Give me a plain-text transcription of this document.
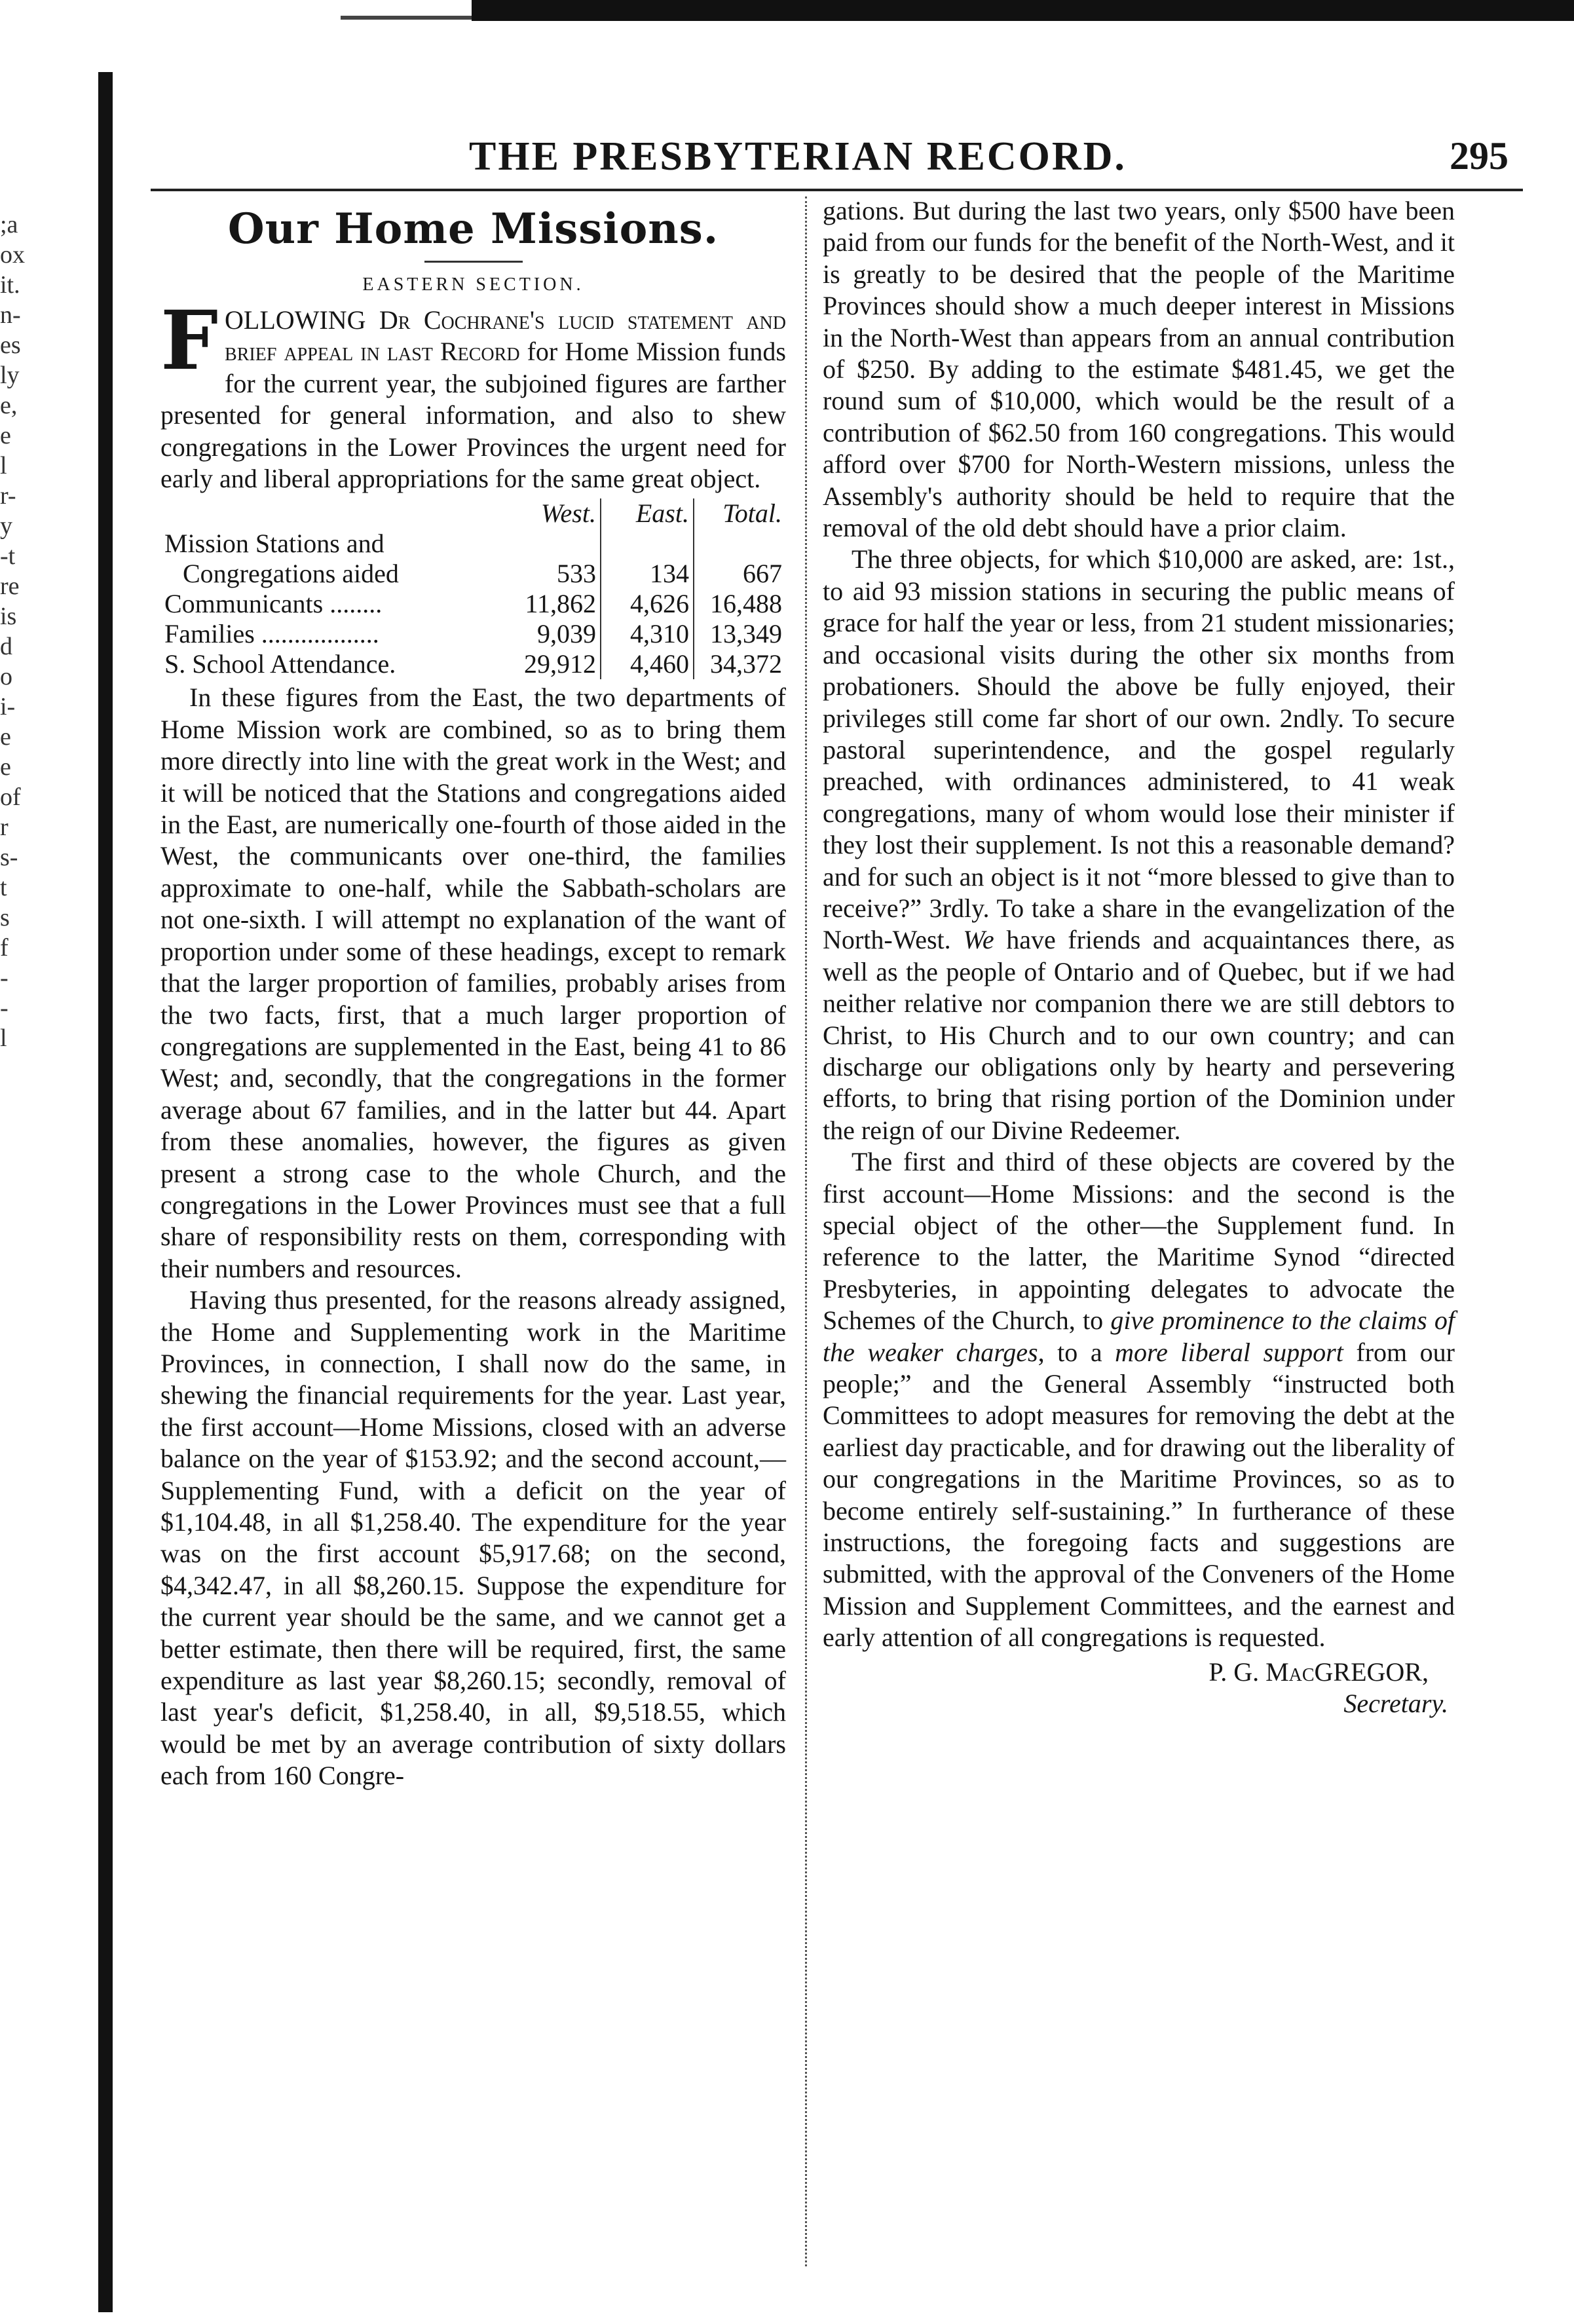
;a
ox
it.
n-
es
ly
e,
e
l
r-
y
-t
re
is
d
o
i-
e
e
of
r
s-
t
s
f
-
-
l
THE PRESBYTERIAN RECORD.	295
Our Home Missions.
EASTERN SECTION.

FOLLOWING Dr Cochrane's lucid statement and brief appeal in last Record for Home Mission funds for the current year, the subjoined figures are farther presented for general information, and also to shew congregations in the Lower Provinces the urgent need for early and liberal appropriations for the same great object.

	West.	East.	Total.
Mission Stations and			
Congregations aided	533	134	667
Communicants ........	11,862	4,626	16,488
Families ..................	9,039	4,310	13,349
S. School Attendance.	29,912	4,460	34,372

In these figures from the East, the two departments of Home Mission work are combined, so as to bring them more directly into line with the great work in the West; and it will be noticed that the Stations and congregations aided in the East, are numerically one-fourth of those aided in the West, the communicants over one-third, the families approximate to one-half, while the Sabbath-scholars are not one-sixth. I will attempt no explanation of the want of proportion under some of these headings, except to remark that the larger proportion of families, probably arises from the two facts, first, that a much larger proportion of congregations are supplemented in the East, being 41 to 86 West; and, secondly, that the congregations in the former average about 67 families, and in the latter but 44. Apart from these anomalies, however, the figures as given present a strong case to the whole Church, and the congregations in the Lower Provinces must see that a full share of responsibility rests on them, corresponding with their numbers and resources.

Having thus presented, for the reasons already assigned, the Home and Supplementing work in the Maritime Provinces, in connection, I shall now do the same, in shewing the financial requirements for the year. Last year, the first account—Home Missions, closed with an adverse balance on the year of $153.92; and the second account,—Supplementing Fund, with a deficit on the year of $1,104.48, in all $1,258.40. The expenditure for the year was on the first account $5,917.68; on the second, $4,342.47, in all $8,260.15. Suppose the expenditure for the current year should be the same, and we cannot get a better estimate, then there will be required, first, the same expenditure as last year $8,260.15; secondly, removal of last year's deficit, $1,258.40, in all, $9,518.55, which would be met by an average contribution of sixty dollars each from 160 Congre-

gations. But during the last two years, only $500 have been paid from our funds for the benefit of the North-West, and it is greatly to be desired that the people of the Maritime Provinces should show a much deeper interest in Missions in the North-West than appears from an annual contribution of $250. By adding to the estimate $481.45, we get the round sum of $10,000, which would be the result of a contribution of $62.50 from 160 congregations. This would afford over $700 for North-Western missions, unless the Assembly's authority should be held to require that the removal of the old debt should have a prior claim.

The three objects, for which $10,000 are asked, are: 1st., to aid 93 mission stations in securing the public means of grace for half the year or less, from 21 student missionaries; and occasional visits during the other six months from probationers. Should the above be fully enjoyed, their privileges still come far short of our own. 2ndly. To secure pastoral superintendence, and the gospel regularly preached, with ordinances administered, to 41 weak congregations, many of whom would lose their minister if they lost their supplement. Is not this a reasonable demand? and for such an object is it not “more blessed to give than to receive?” 3rdly. To take a share in the evangelization of the North-West. We have friends and acquaintances there, as well as the people of Ontario and of Quebec, but if we had neither relative nor companion there we are still debtors to Christ, to His Church and to our own country; and can discharge our obligations only by hearty and persevering efforts, to bring that rising portion of the Dominion under the reign of our Divine Redeemer.

The first and third of these objects are covered by the first account—Home Missions: and the second is the special object of the other—the Supplement fund. In reference to the latter, the Maritime Synod “directed Presbyteries, in appointing delegates to advocate the Schemes of the Church, to give prominence to the claims of the weaker charges, to a more liberal support from our people;” and the General Assembly “instructed both Committees to adopt measures for removing the debt at the earliest day practicable, and for drawing out the liberality of our congregations in the Maritime Provinces, so as to become entirely self-sustaining.” In furtherance of these instructions, the foregoing facts and suggestions are submitted, with the approval of the Conveners of the Home Mission and Supplement Committees, and the earnest and early attention of all congregations is requested.

P. G. MacGREGOR,
Secretary.
